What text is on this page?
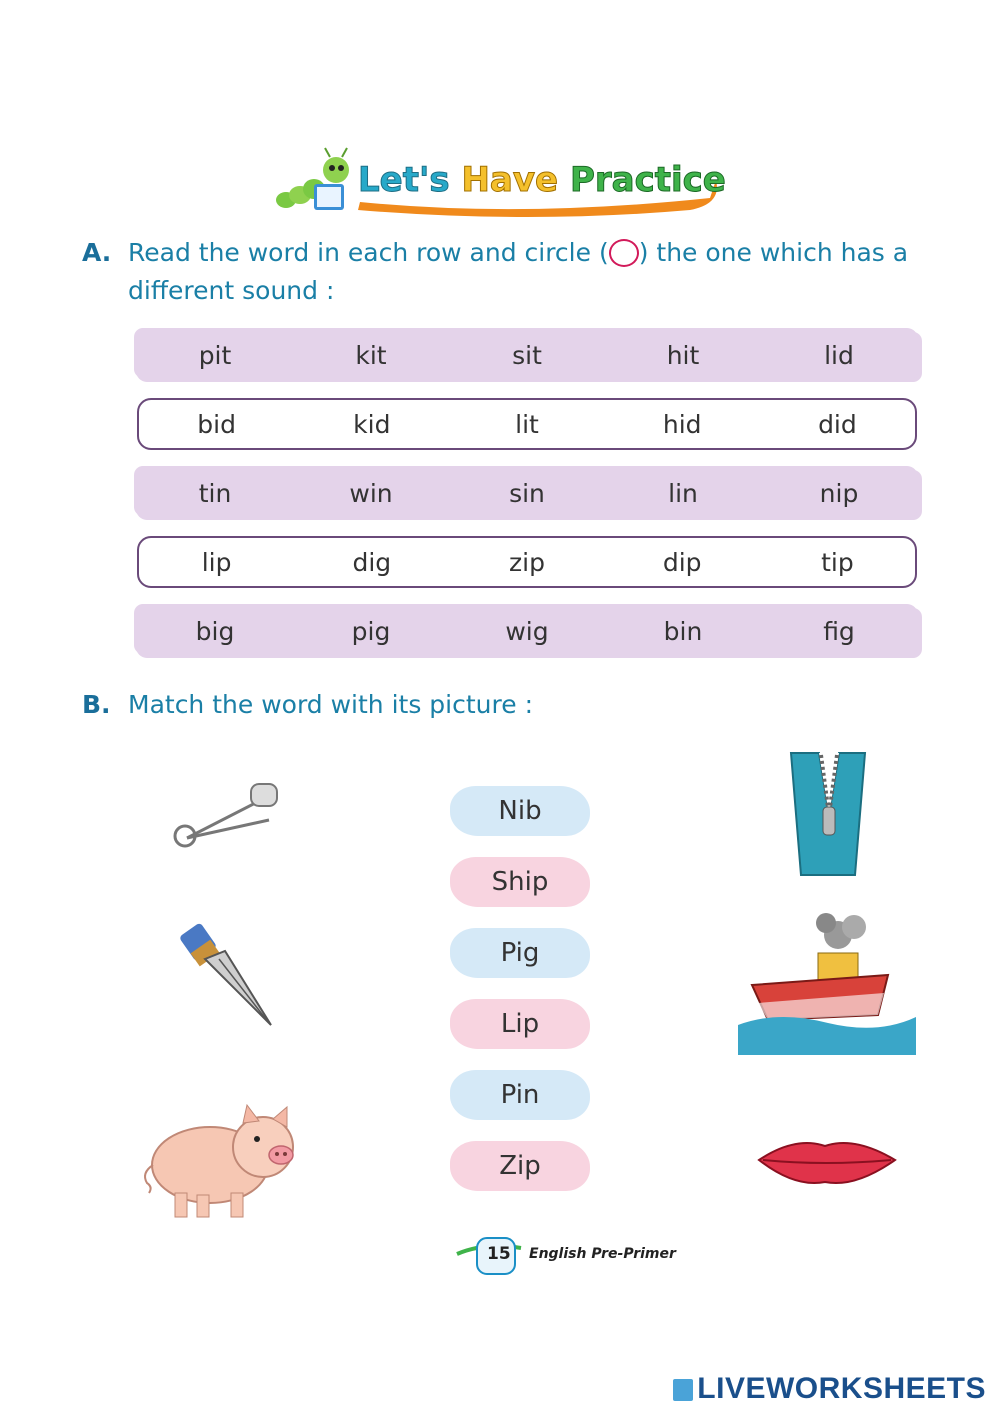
Let's Have Practice
A. Read the word in each row and circle ( ) the one which has a different sound :
pit	kit	sit	hit	lid
bid	kid	lit	hid	did
tin	win	sin	lin	nip
lip	dig	zip	dip	tip
big	pig	wig	bin	fig
B. Match the word with its picture :
Nib
Ship
Pig
Lip
Pin
Zip
15 English Pre-Primer
LIVEWORKSHEETS
